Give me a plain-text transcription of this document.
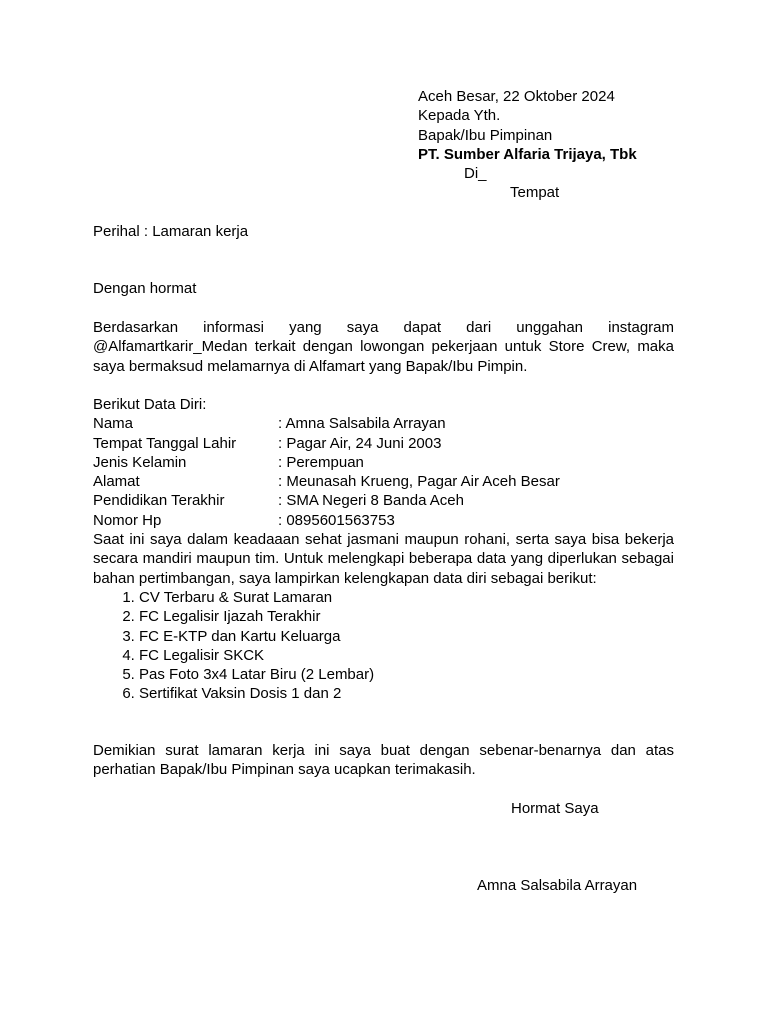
Aceh Besar, 22 Oktober 2024
Kepada Yth.
Bapak/Ibu Pimpinan
PT. Sumber Alfaria Trijaya, Tbk
Di_
Tempat
Perihal : Lamaran kerja
Dengan hormat
Berdasarkan informasi yang saya dapat dari unggahan instagram @Alfamartkarir_Medan terkait dengan lowongan pekerjaan untuk Store Crew, maka saya bermaksud melamarnya di Alfamart yang Bapak/Ibu Pimpin.
Berikut Data Diri:
Nama	: Amna Salsabila Arrayan
Tempat Tanggal Lahir	: Pagar Air, 24 Juni 2003
Jenis Kelamin	: Perempuan
Alamat	: Meunasah Krueng, Pagar Air Aceh Besar
Pendidikan Terakhir	: SMA Negeri 8 Banda Aceh
Nomor Hp	: 0895601563753
Saat ini saya dalam keadaaan sehat jasmani maupun rohani, serta saya bisa bekerja secara mandiri maupun tim. Untuk melengkapi beberapa data yang diperlukan sebagai bahan pertimbangan, saya lampirkan kelengkapan data diri sebagai berikut:
1. CV Terbaru & Surat Lamaran
2. FC Legalisir Ijazah Terakhir
3. FC E-KTP dan Kartu Keluarga
4. FC Legalisir SKCK
5. Pas Foto 3x4 Latar Biru (2 Lembar)
6. Sertifikat Vaksin Dosis 1 dan 2
Demikian surat lamaran kerja ini saya buat dengan sebenar-benarnya dan atas perhatian Bapak/Ibu Pimpinan saya ucapkan terimakasih.
Hormat Saya
Amna Salsabila Arrayan
